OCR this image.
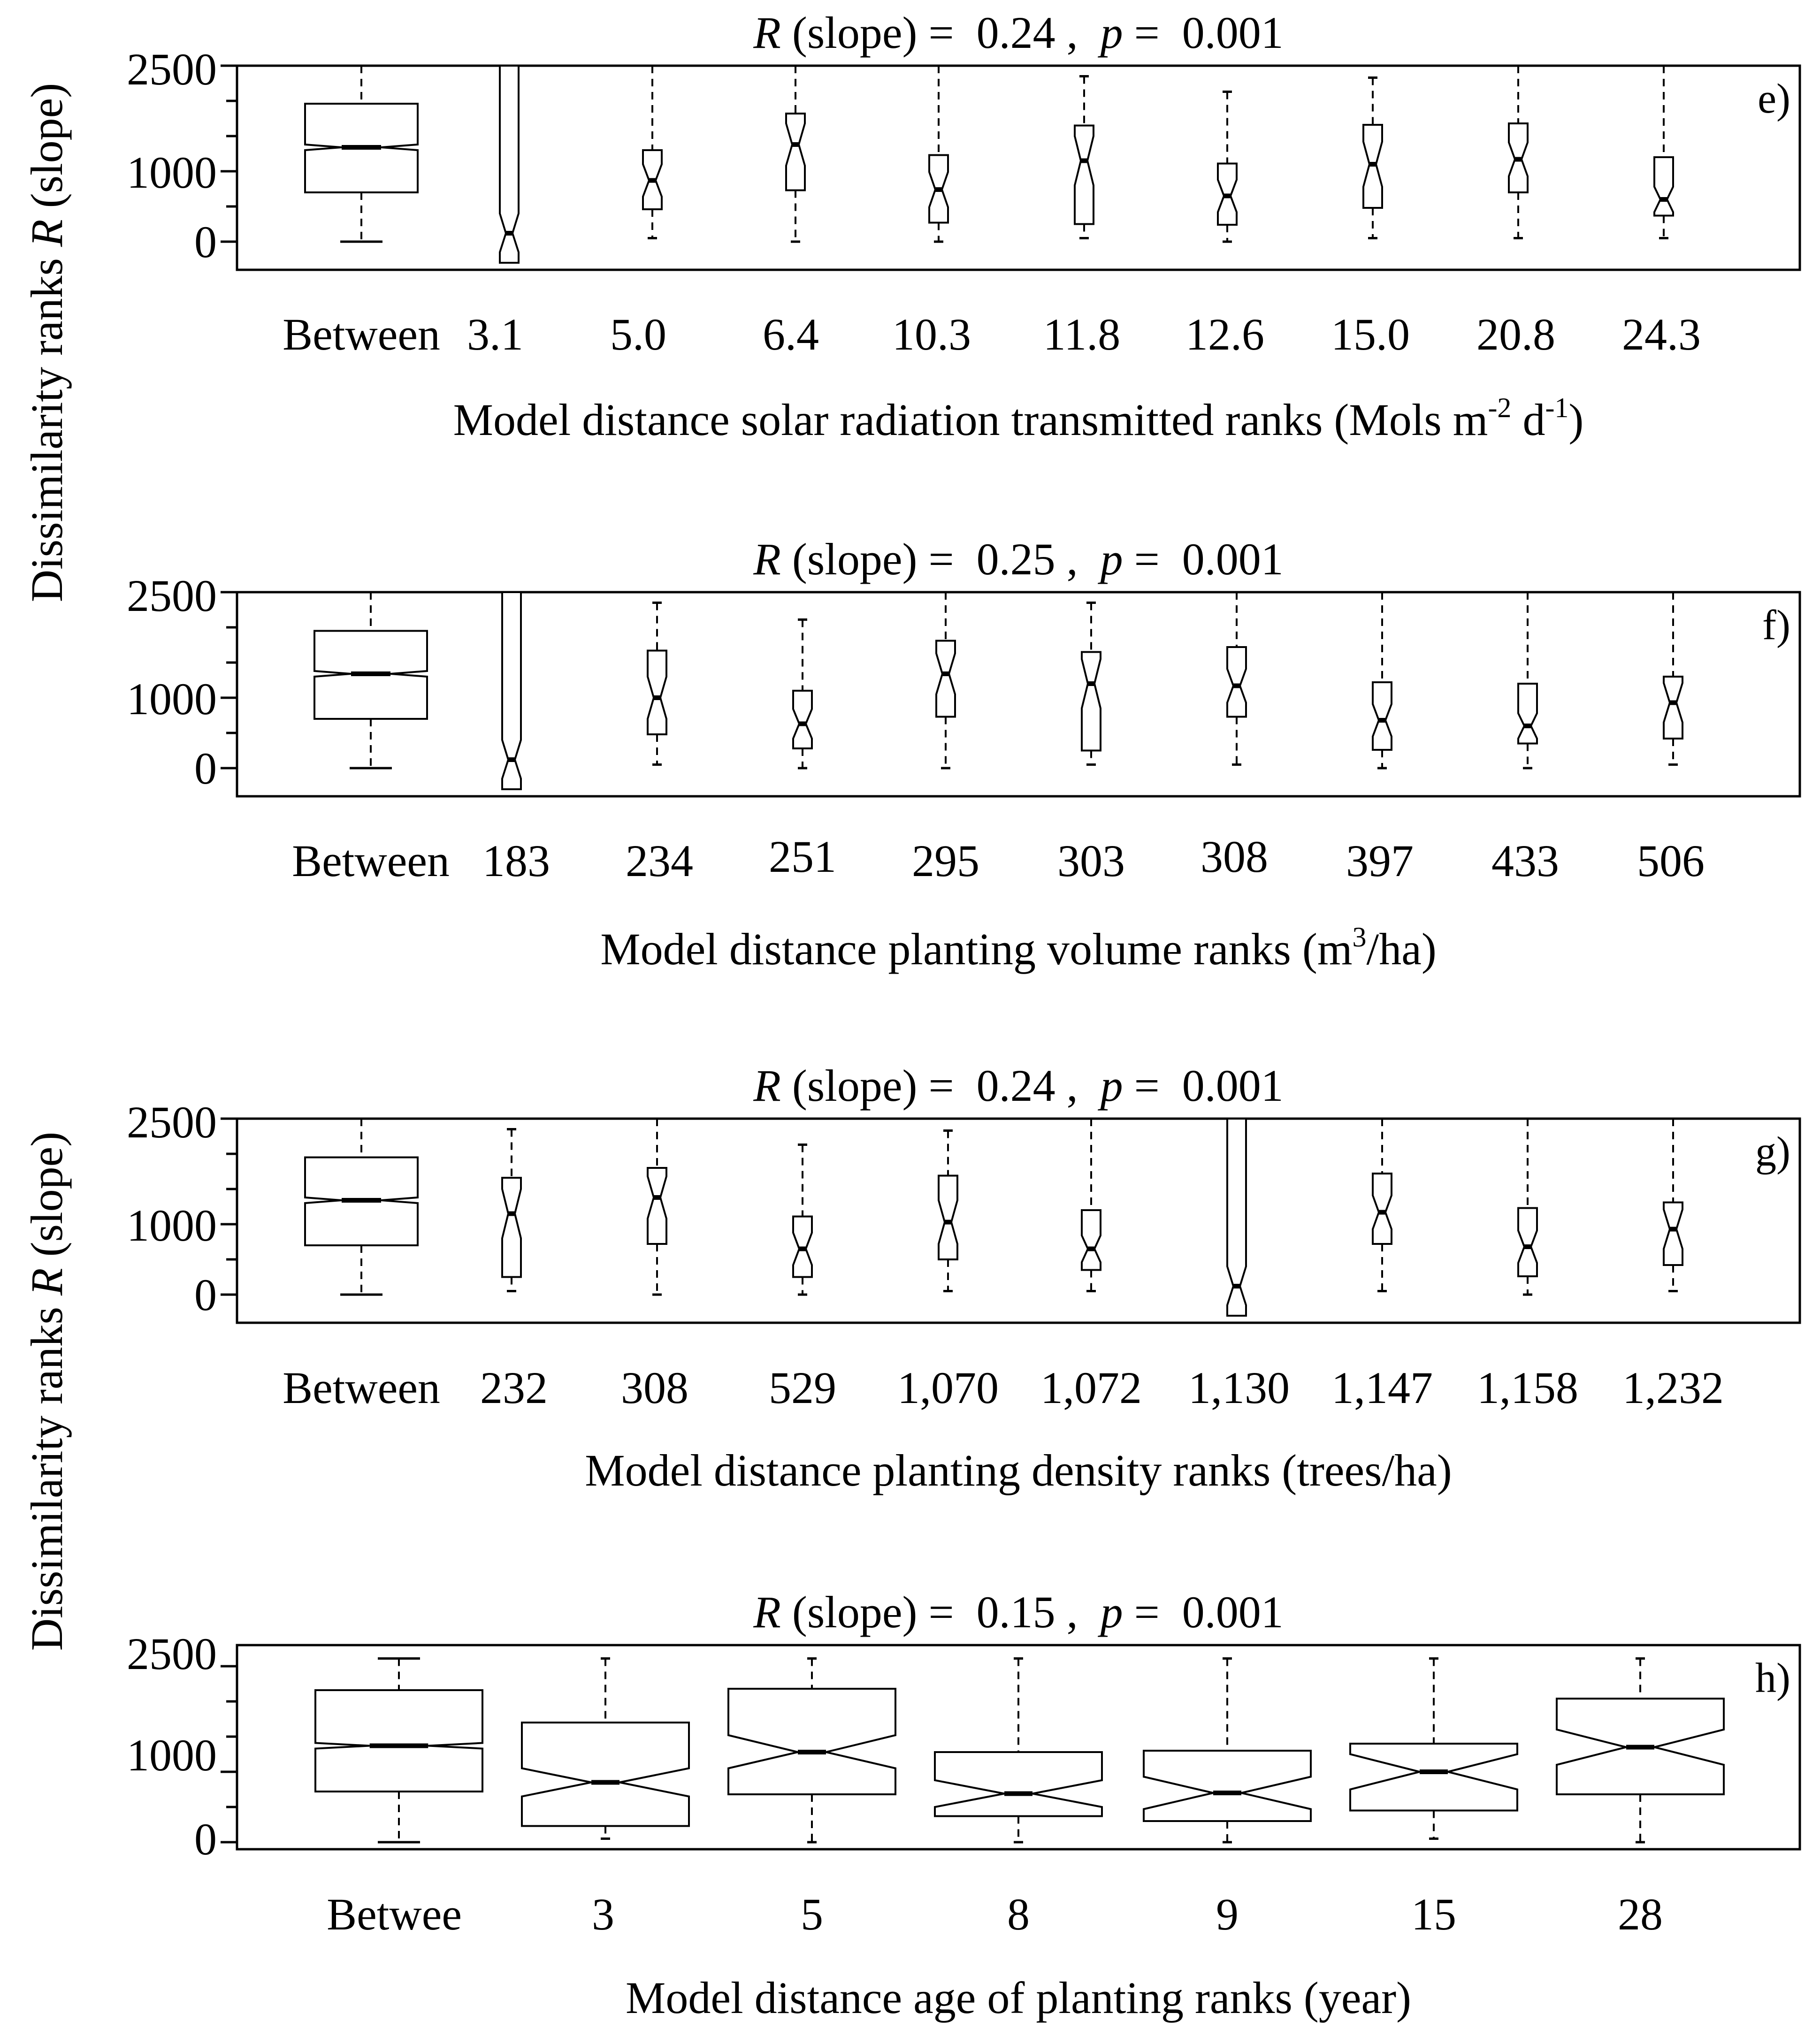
R (slope) =  0.24 ,  p =  0.001
e)
2500
1000
0
Between 3.1 5.0 6.4 10.3 11.8 12.6 15.0 20.8 24.3
Model distance solar radiation transmitted ranks (Mols $m^{-2}$ $d^{-1}$)
R (slope) =  0.25 ,  p =  0.001
f)
2500
1000
0
Between 183 234 251 295 303 308 397 433 506
Model distance planting volume ranks $(m^3/ha)$
R (slope) =  0.24 ,  p =  0.001
g)
2500
1000
0
Between 232 308 529 1,070 1,072 1,130 1,147 1,158 1,232
Model distance planting density ranks (trees/ha)
R (slope) =  0.15 ,  p =  0.001
h)
2500
1000
0
Betwee	3	5	8	9	15	28
Model distance age of planting ranks (year)
Dissimilarity ranks R (slope)
Dissimilarity ranks R (slope)
